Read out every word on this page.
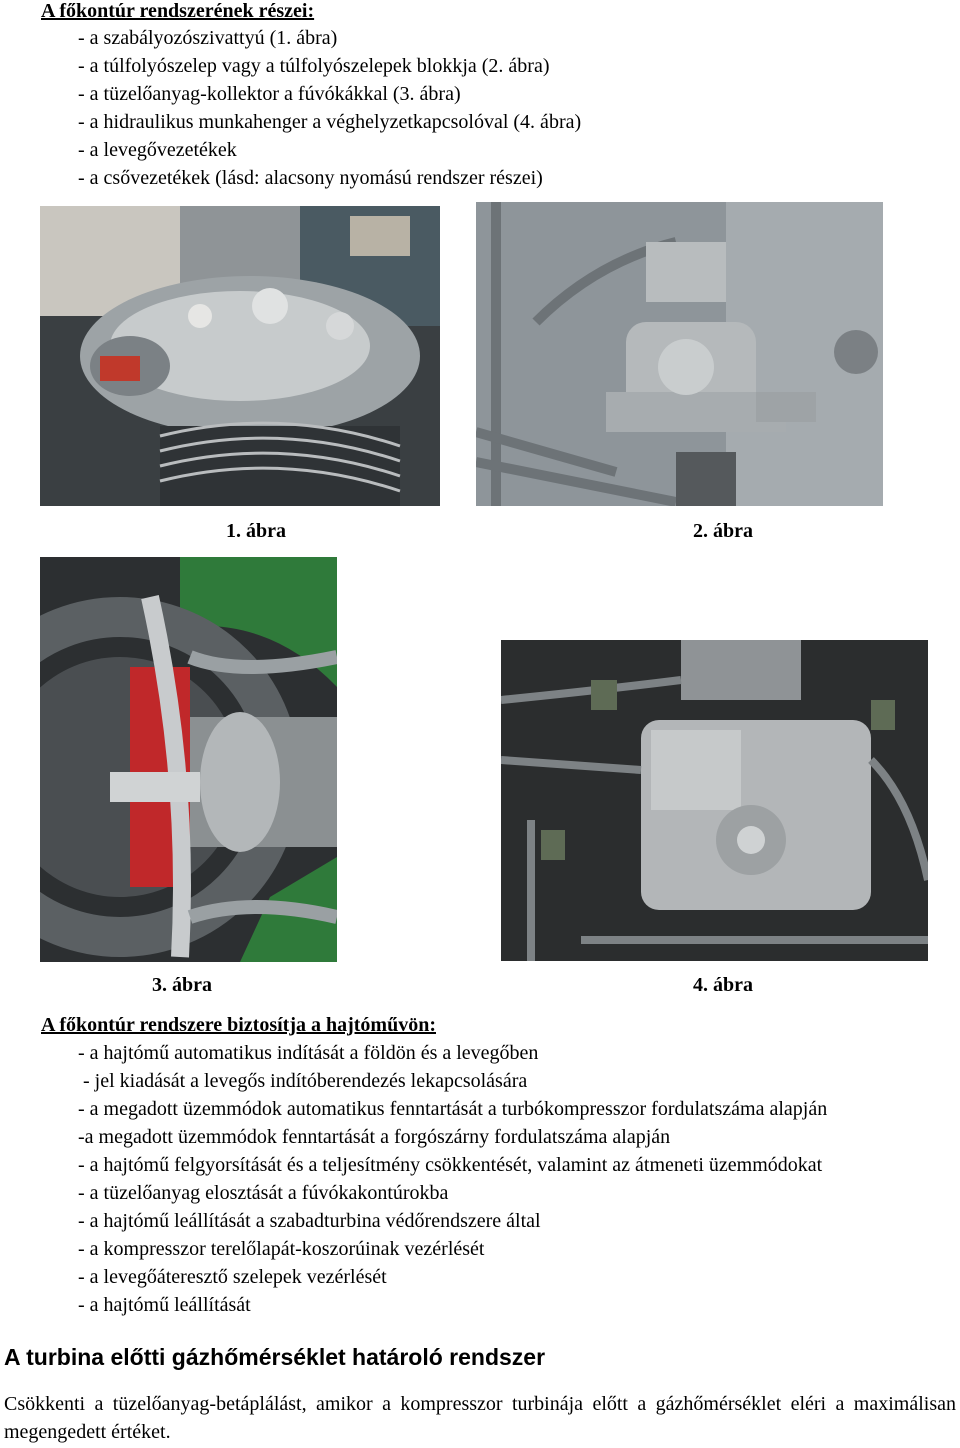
A főkontúr rendszerének részei:
- a szabályozószivattyú (1. ábra)
- a túlfolyószelep vagy a túlfolyószelepek blokkja (2. ábra)
- a tüzelőanyag-kollektor a fúvókákkal (3. ábra)
- a hidraulikus munkahenger a véghelyzetkapcsolóval (4. ábra)
- a levegővezetékek
- a csővezetékek (lásd: alacsony nyomású rendszer részei)
1. ábra	2. ábra
3. ábra	4. ábra
A főkontúr rendszere biztosítja a hajtóművön:
- a hajtómű automatikus indítását a földön és a levegőben
- jel kiadását a levegős indítóberendezés lekapcsolására
- a megadott üzemmódok automatikus fenntartását a turbókompresszor fordulatszáma alapján
-a megadott üzemmódok fenntartását a forgószárny fordulatszáma alapján
- a hajtómű felgyorsítását és a teljesítmény csökkentését, valamint az átmeneti üzemmódokat
- a tüzelőanyag elosztását a fúvókakontúrokba
- a hajtómű leállítását a szabadturbina védőrendszere által
- a kompresszor terelőlapát-koszorúinak vezérlését
- a levegőáteresztő szelepek vezérlését
- a hajtómű leállítását
A turbina előtti gázhőmérséklet határoló rendszer
Csökkenti a tüzelőanyag-betáplálást, amikor a kompresszor turbinája előtt a gázhőmérséklet eléri a maximálisan megengedett értéket.
